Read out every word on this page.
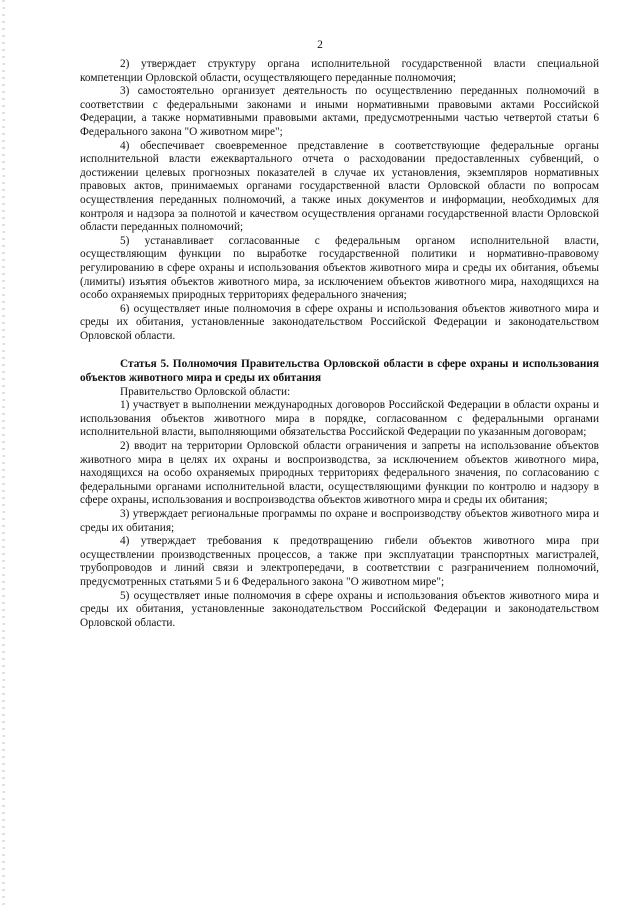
2

2) утверждает структуру органа исполнительной государственной власти специальной компетенции Орловской области, осуществляющего переданные полномочия;

3) самостоятельно организует деятельность по осуществлению переданных полномочий в соответствии с федеральными законами и иными нормативными правовыми актами Российской Федерации, а также нормативными правовыми актами, предусмотренными частью четвертой статьи 6 Федерального закона "О животном мире";

4) обеспечивает своевременное представление в соответствующие федеральные органы исполнительной власти ежеквартального отчета о расходовании предоставленных субвенций, о достижении целевых прогнозных показателей в случае их установления, экземпляров нормативных правовых актов, принимаемых органами государственной власти Орловской области по вопросам осуществления переданных полномочий, а также иных документов и информации, необходимых для контроля и надзора за полнотой и качеством осуществления органами государственной власти Орловской области переданных полномочий;

5) устанавливает согласованные с федеральным органом исполнительной власти, осуществляющим функции по выработке государственной политики и нормативно-правовому регулированию в сфере охраны и использования объектов животного мира и среды их обитания, объемы (лимиты) изъятия объектов животного мира, за исключением объектов животного мира, находящихся на особо охраняемых природных территориях федерального значения;

6) осуществляет иные полномочия в сфере охраны и использования объектов животного мира и среды их обитания, установленные законодательством Российской Федерации и законодательством Орловской области.

Статья 5. Полномочия Правительства Орловской области в сфере охраны и использования объектов животного мира и среды их обитания

Правительство Орловской области:

1) участвует в выполнении международных договоров Российской Федерации в области охраны и использования объектов животного мира в порядке, согласованном с федеральными органами исполнительной власти, выполняющими обязательства Российской Федерации по указанным договорам;

2) вводит на территории Орловской области ограничения и запреты на использование объектов животного мира в целях их охраны и воспроизводства, за исключением объектов животного мира, находящихся на особо охраняемых природных территориях федерального значения, по согласованию с федеральными органами исполнительной власти, осуществляющими функции по контролю и надзору в сфере охраны, использования и воспроизводства объектов животного мира и среды их обитания;

3) утверждает региональные программы по охране и воспроизводству объектов животного мира и среды их обитания;

4) утверждает требования к предотвращению гибели объектов животного мира при осуществлении производственных процессов, а также при эксплуатации транспортных магистралей, трубопроводов и линий связи и электропередачи, в соответствии с разграничением полномочий, предусмотренных статьями 5 и 6 Федерального закона "О животном мире";

5) осуществляет иные полномочия в сфере охраны и использования объектов животного мира и среды их обитания, установленные законодательством Российской Федерации и законодательством Орловской области.
